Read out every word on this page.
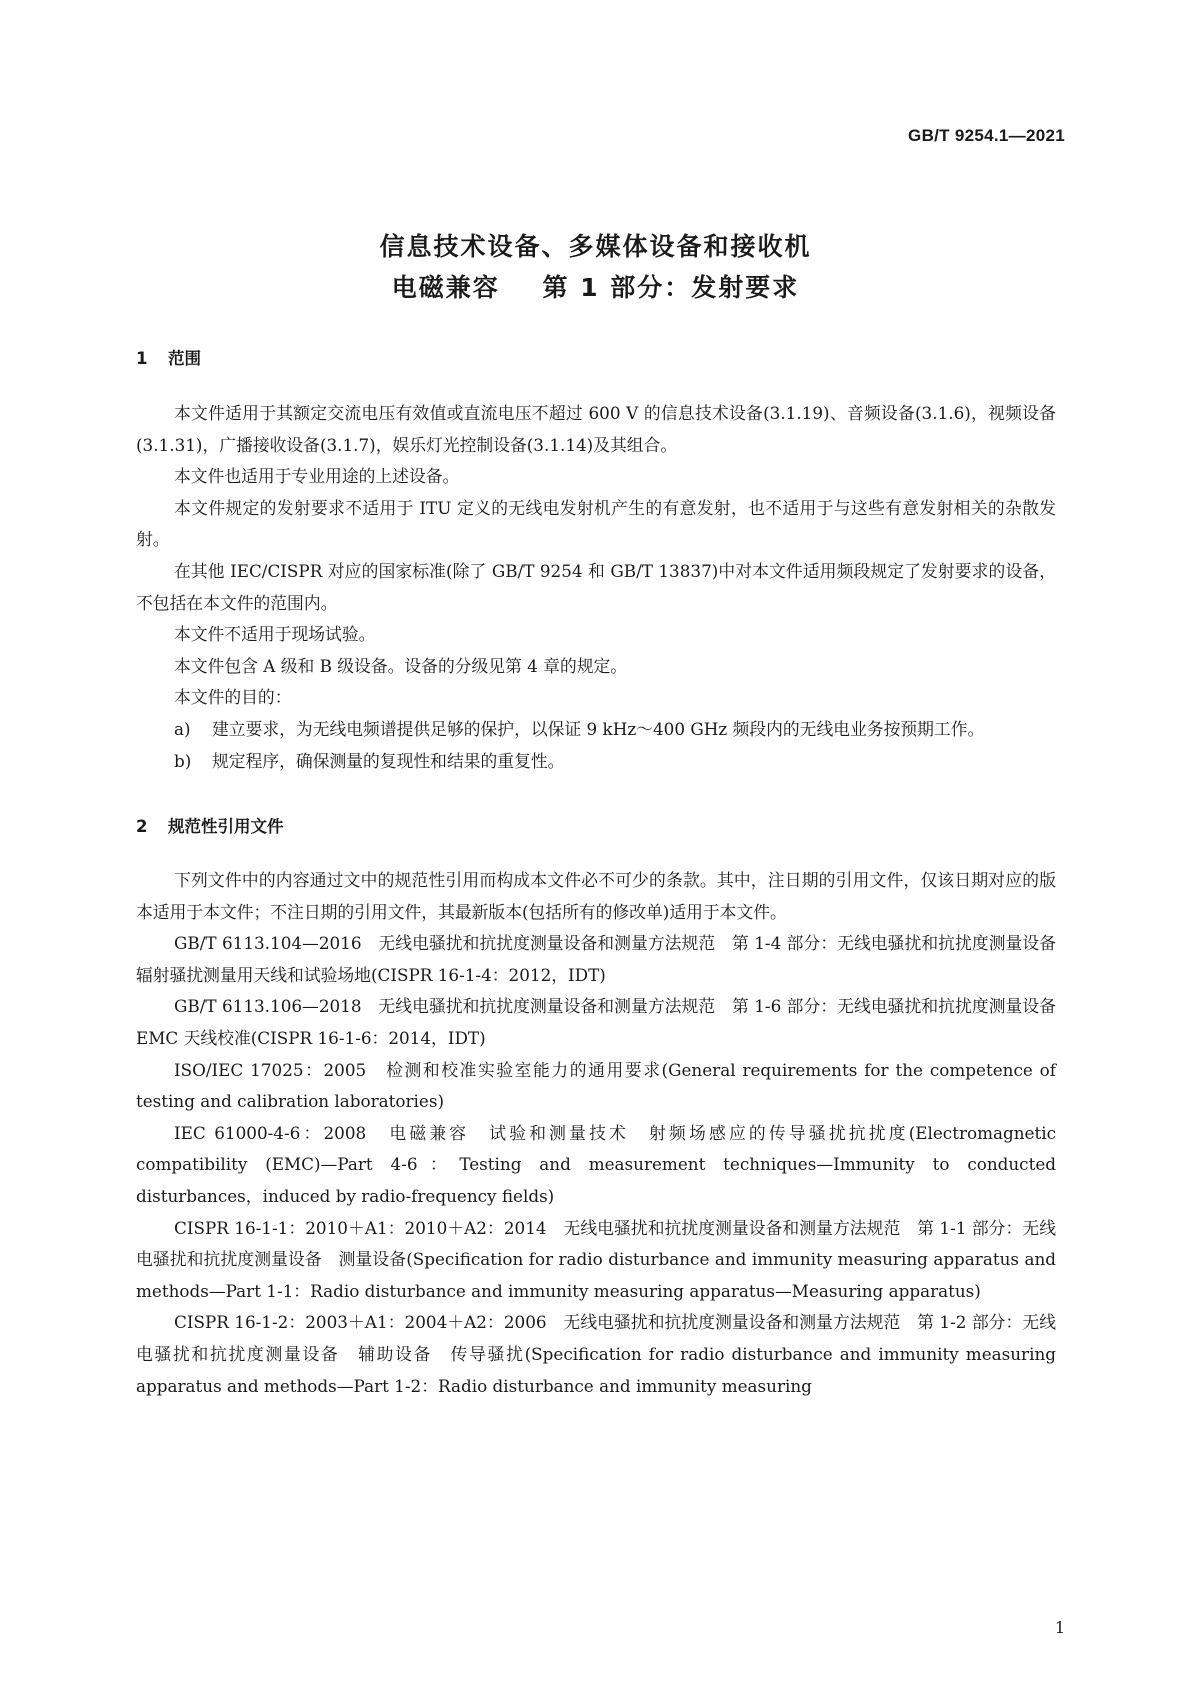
GB/T 9254.1—2021
信息技术设备、多媒体设备和接收机
电磁兼容    第 1 部分：发射要求
1 范围

本文件适用于其额定交流电压有效值或直流电压不超过 600 V 的信息技术设备(3.1.19)、音频设备(3.1.6)，视频设备(3.1.31)，广播接收设备(3.1.7)，娱乐灯光控制设备(3.1.14)及其组合。

本文件也适用于专业用途的上述设备。

本文件规定的发射要求不适用于 ITU 定义的无线电发射机产生的有意发射，也不适用于与这些有意发射相关的杂散发射。

在其他 IEC/CISPR 对应的国家标准(除了 GB/T 9254 和 GB/T 13837)中对本文件适用频段规定了发射要求的设备，不包括在本文件的范围内。

本文件不适用于现场试验。

本文件包含 A 级和 B 级设备。设备的分级见第 4 章的规定。

本文件的目的：

a)	建立要求，为无线电频谱提供足够的保护，以保证 9 kHz～400 GHz 频段内的无线电业务按预期工作。
b)	规定程序，确保测量的复现性和结果的重复性。
2 规范性引用文件

下列文件中的内容通过文中的规范性引用而构成本文件必不可少的条款。其中，注日期的引用文件，仅该日期对应的版本适用于本文件；不注日期的引用文件，其最新版本(包括所有的修改单)适用于本文件。

GB/T 6113.104—2016　无线电骚扰和抗扰度测量设备和测量方法规范　第 1-4 部分：无线电骚扰和抗扰度测量设备　辐射骚扰测量用天线和试验场地(CISPR 16-1-4：2012，IDT)

GB/T 6113.106—2018　无线电骚扰和抗扰度测量设备和测量方法规范　第 1-6 部分：无线电骚扰和抗扰度测量设备 EMC 天线校准(CISPR 16-1-6：2014，IDT)

ISO/IEC 17025：2005　检测和校准实验室能力的通用要求(General requirements for the competence of testing and calibration laboratories)

IEC 61000-4-6：2008　电磁兼容　试验和测量技术　射频场感应的传导骚扰抗扰度(Electromagnetic compatibility (EMC)—Part 4-6：Testing and measurement techniques—Immunity to conducted disturbances，induced by radio-frequency fields)

CISPR 16-1-1：2010＋A1：2010＋A2：2014　无线电骚扰和抗扰度测量设备和测量方法规范　第 1-1 部分：无线电骚扰和抗扰度测量设备　测量设备(Specification for radio disturbance and immunity measuring apparatus and methods—Part 1-1：Radio disturbance and immunity measuring apparatus—Measuring apparatus)

CISPR 16-1-2：2003＋A1：2004＋A2：2006　无线电骚扰和抗扰度测量设备和测量方法规范　第 1-2 部分：无线电骚扰和抗扰度测量设备　辅助设备　传导骚扰(Specification for radio disturbance and immunity measuring apparatus and methods—Part 1-2：Radio disturbance and immunity measuring

1
